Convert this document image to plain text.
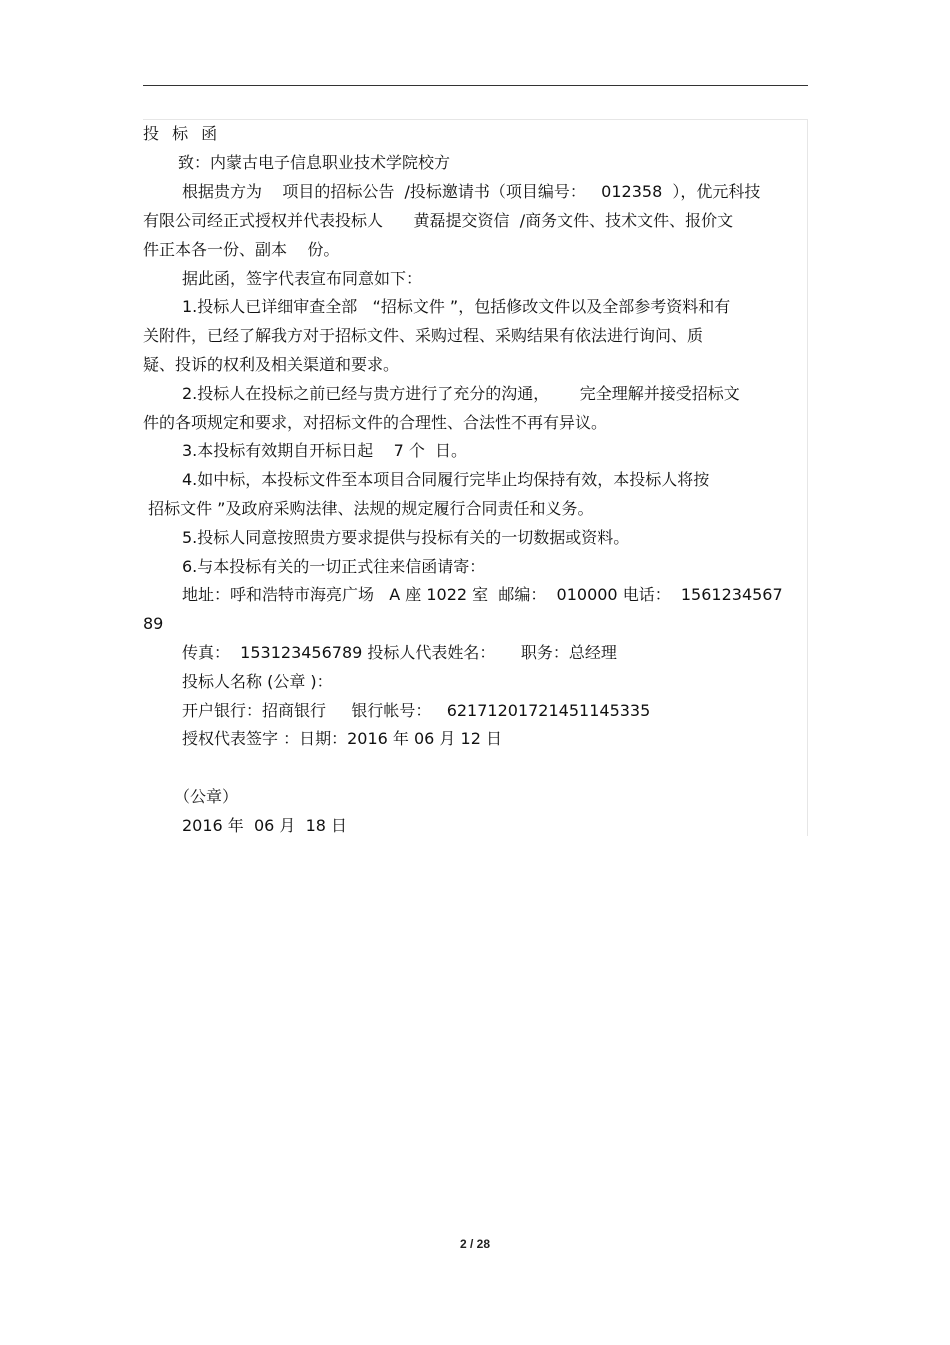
投 标 函
致：内蒙古电子信息职业技术学院校方
根据贵方为    项目的招标公告  /投标邀请书（项目编号：   012358  ），优元科技
有限公司经正式授权并代表投标人      黄磊提交资信  /商务文件、技术文件、报价文
件正本各一份、副本    份。
据此函，签字代表宣布同意如下：
1.投标人已详细审查全部   “招标文件 ”，包括修改文件以及全部参考资料和有
关附件，已经了解我方对于招标文件、采购过程、采购结果有依法进行询问、质
疑、投诉的权利及相关渠道和要求。
2.投标人在投标之前已经与贵方进行了充分的沟通，      完全理解并接受招标文
件的各项规定和要求，对招标文件的合理性、合法性不再有异议。
3.本投标有效期自开标日起    7 个  日。
4.如中标，本投标文件至本项目合同履行完毕止均保持有效，本投标人将按
招标文件 ”及政府采购法律、法规的规定履行合同责任和义务。
5.投标人同意按照贵方要求提供与投标有关的一切数据或资料。
6.与本投标有关的一切正式往来信函请寄：
地址：呼和浩特市海亮广场   A 座 1022 室  邮编：  010000 电话：  1561234567
89
传真：  153123456789 投标人代表姓名：     职务：总经理
投标人名称 (公章 )：
开户银行：招商银行     银行帐号：   62171201721451145335
授权代表签字 ：日期：2016 年 06 月 12 日
（公章）
2016 年  06 月  18 日
2 / 28
